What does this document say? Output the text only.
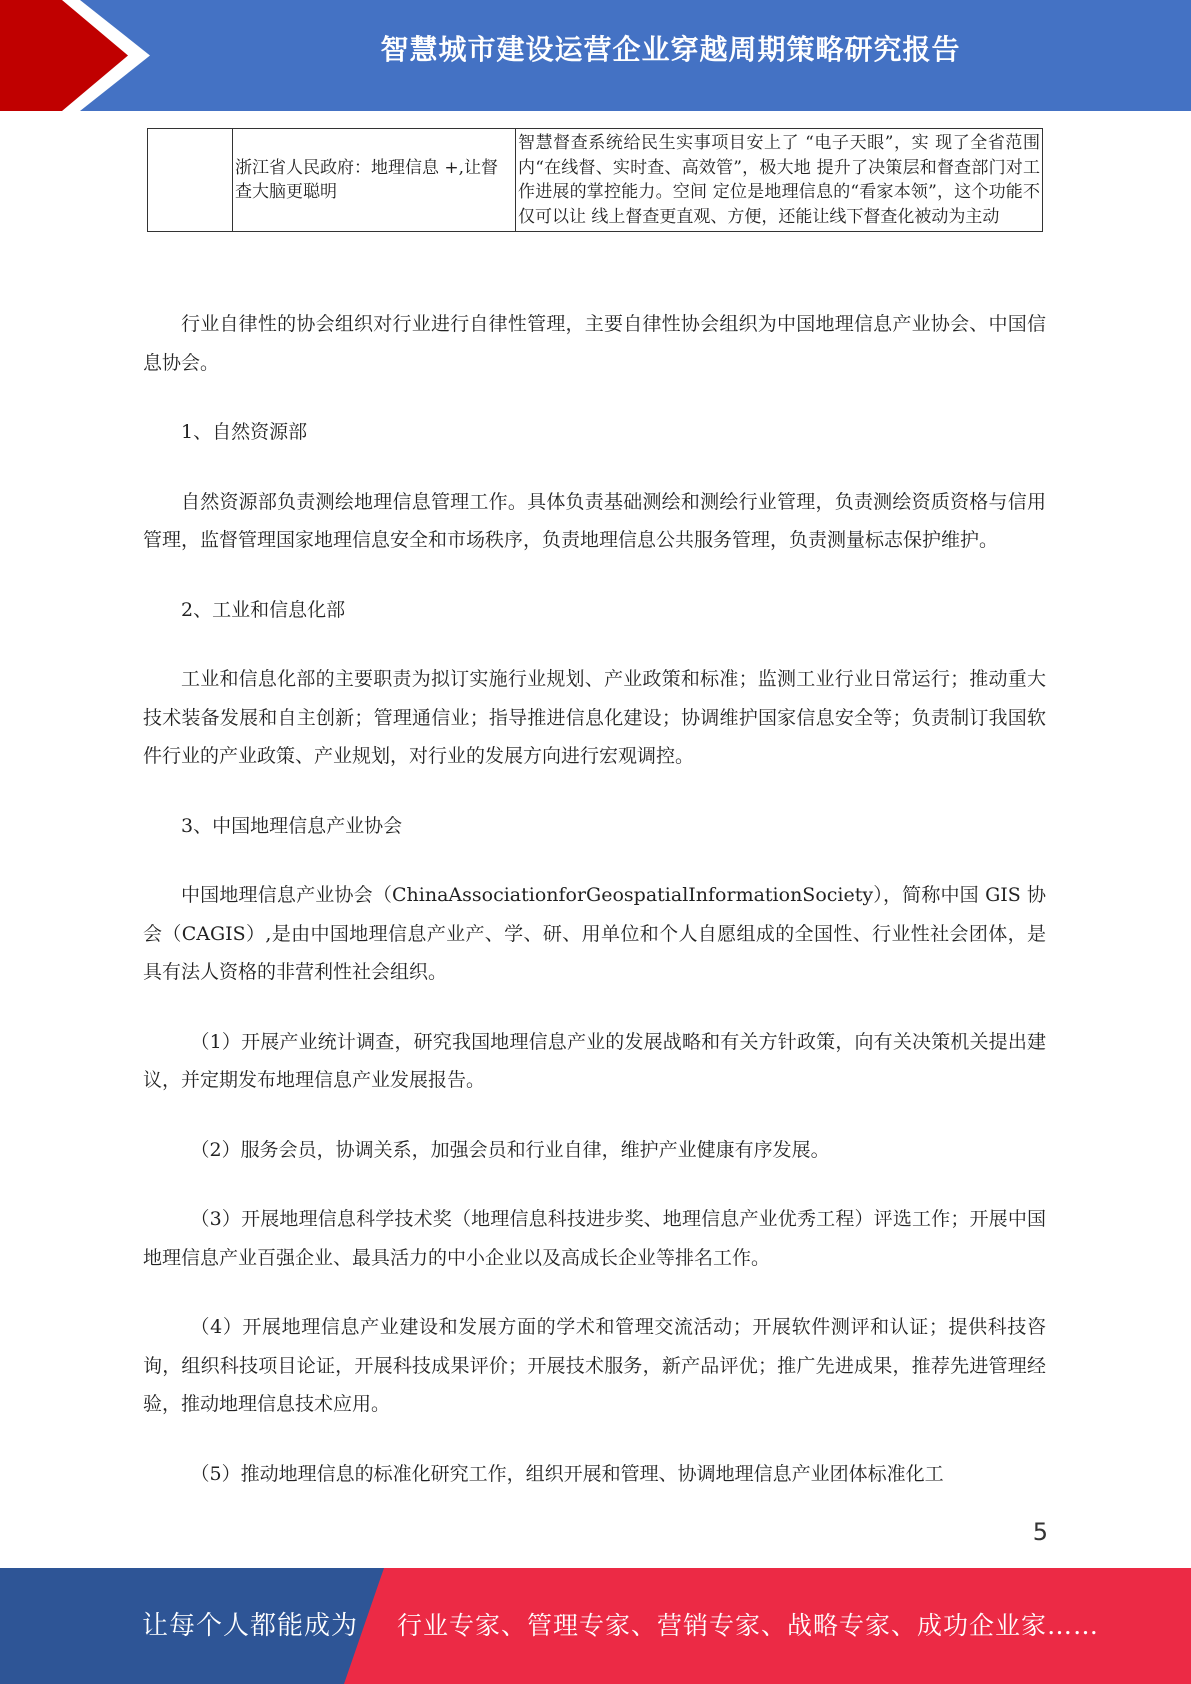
智慧城市建设运营企业穿越周期策略研究报告
	浙江省人民政府：地理信息 +,让督查大脑更聪明	智慧督查系统给民生实事项目安上了 “电子天眼”，实 现了全省范围内“在线督、实时查、高效管”，极大地 提升了决策层和督查部门对工作进展的掌控能力。空间 定位是地理信息的“看家本领”，这个功能不仅可以让 线上督查更直观、方便，还能让线下督查化被动为主动

行业自律性的协会组织对行业进行自律性管理，主要自律性协会组织为中国地理信息产业协会、中国信息协会。

1、自然资源部

自然资源部负责测绘地理信息管理工作。具体负责基础测绘和测绘行业管理，负责测绘资质资格与信用管理，监督管理国家地理信息安全和市场秩序，负责地理信息公共服务管理，负责测量标志保护维护。

2、工业和信息化部

工业和信息化部的主要职责为拟订实施行业规划、产业政策和标准；监测工业行业日常运行；推动重大技术装备发展和自主创新；管理通信业；指导推进信息化建设；协调维护国家信息安全等；负责制订我国软件行业的产业政策、产业规划，对行业的发展方向进行宏观调控。

3、中国地理信息产业协会

中国地理信息产业协会（ChinaAssociationforGeospatialInformationSociety），简称中国 GIS 协会（CAGIS）,是由中国地理信息产业产、学、研、用单位和个人自愿组成的全国性、行业性社会团体，是具有法人资格的非营利性社会组织。

（1）开展产业统计调查，研究我国地理信息产业的发展战略和有关方针政策，向有关决策机关提出建议，并定期发布地理信息产业发展报告。

（2）服务会员，协调关系，加强会员和行业自律，维护产业健康有序发展。

（3）开展地理信息科学技术奖（地理信息科技进步奖、地理信息产业优秀工程）评选工作；开展中国地理信息产业百强企业、最具活力的中小企业以及高成长企业等排名工作。

（4）开展地理信息产业建设和发展方面的学术和管理交流活动；开展软件测评和认证；提供科技咨询，组织科技项目论证，开展科技成果评价；开展技术服务，新产品评优；推广先进成果，推荐先进管理经验，推动地理信息技术应用。

（5）推动地理信息的标准化研究工作，组织开展和管理、协调地理信息产业团体标准化工

5
让每个人都能成为 行业专家、管理专家、营销专家、战略专家、成功企业家……
